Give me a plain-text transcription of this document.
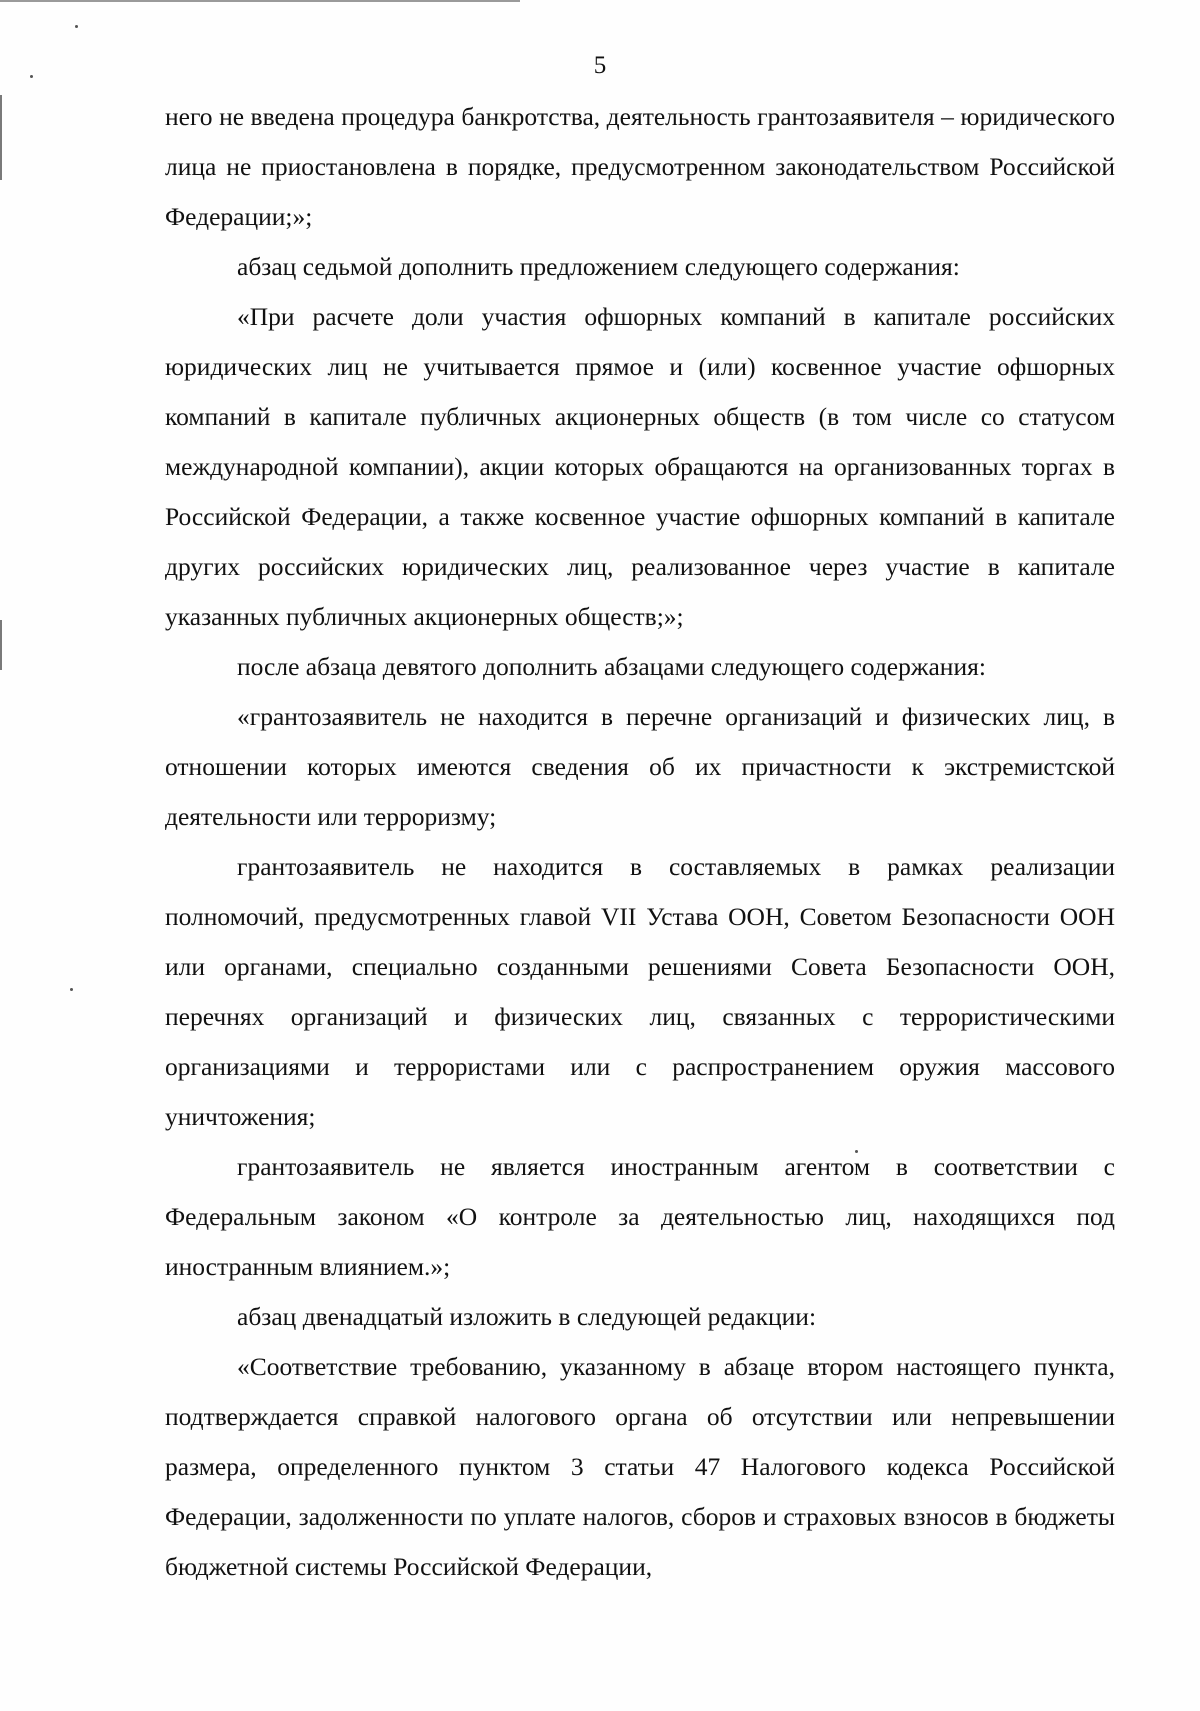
5

него не введена процедура банкротства, деятельность грантозаявителя – юридического лица не приостановлена в порядке, предусмотренном законодательством Российской Федерации;»;

абзац седьмой дополнить предложением следующего содержания:

«При расчете доли участия офшорных компаний в капитале российских юридических лиц не учитывается прямое и (или) косвенное участие офшорных компаний в капитале публичных акционерных обществ (в том числе со статусом международной компании), акции которых обращаются на организованных торгах в Российской Федерации, а также косвенное участие офшорных компаний в капитале других российских юридических лиц, реализованное через участие в капитале указанных публичных акционерных обществ;»;

после абзаца девятого дополнить абзацами следующего содержания:

«грантозаявитель не находится в перечне организаций и физических лиц, в отношении которых имеются сведения об их причастности к экстремистской деятельности или терроризму;

грантозаявитель не находится в составляемых в рамках реализации полномочий, предусмотренных главой VII Устава ООН, Советом Безопасности ООН или органами, специально созданными решениями Совета Безопасности ООН, перечнях организаций и физических лиц, связанных с террористическими организациями и террористами или с распространением оружия массового уничтожения;

грантозаявитель не является иностранным агентом в соответствии с Федеральным законом «О контроле за деятельностью лиц, находящихся под иностранным влиянием.»;

абзац двенадцатый изложить в следующей редакции:

«Соответствие требованию, указанному в абзаце втором настоящего пункта, подтверждается справкой налогового органа об отсутствии или непревышении размера, определенного пунктом 3 статьи 47 Налогового кодекса Российской Федерации, задолженности по уплате налогов, сборов и страховых взносов в бюджеты бюджетной системы Российской Федерации,
